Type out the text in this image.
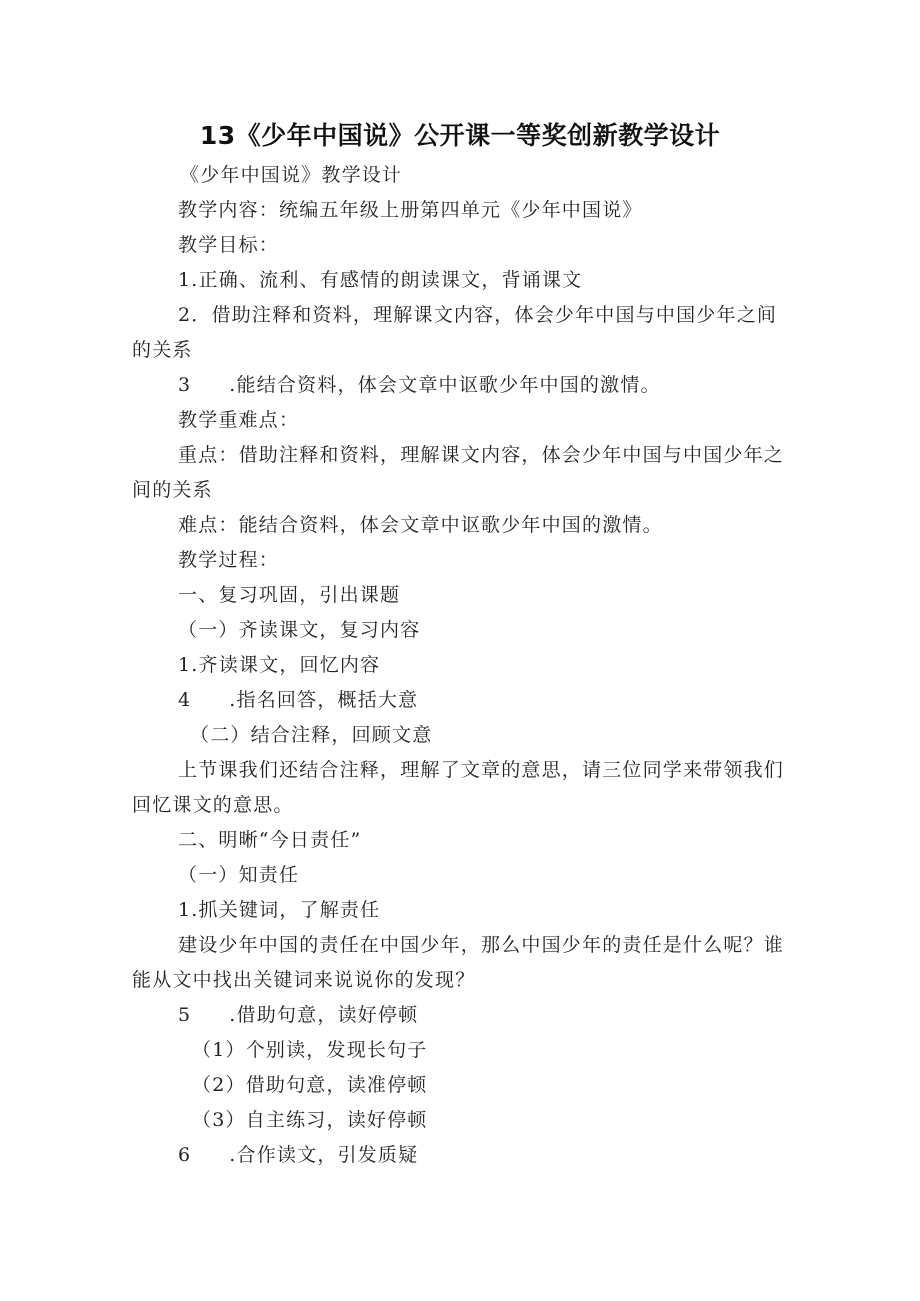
13《少年中国说》公开课一等奖创新教学设计
《少年中国说》教学设计
教学内容：统编五年级上册第四单元《少年中国说》
教学目标：
1.正确、流利、有感情的朗读课文，背诵课文
2．借助注释和资料，理解课文内容，体会少年中国与中国少年之间
的关系
3 .能结合资料，体会文章中讴歌少年中国的激情。
教学重难点：
重点：借助注释和资料，理解课文内容，体会少年中国与中国少年之
间的关系
难点：能结合资料，体会文章中讴歌少年中国的激情。
教学过程：
一、复习巩固，引出课题
（一）齐读课文，复习内容
1.齐读课文，回忆内容
4 .指名回答，概括大意
（二）结合注释，回顾文意
上节课我们还结合注释，理解了文章的意思，请三位同学来带领我们
回忆课文的意思。
二、明晰“今日责任”
（一）知责任
1.抓关键词，了解责任
建设少年中国的责任在中国少年，那么中国少年的责任是什么呢？谁
能从文中找出关键词来说说你的发现？
5 .借助句意，读好停顿
（1）个别读，发现长句子
（2）借助句意，读准停顿
（3）自主练习，读好停顿
6 .合作读文，引发质疑
